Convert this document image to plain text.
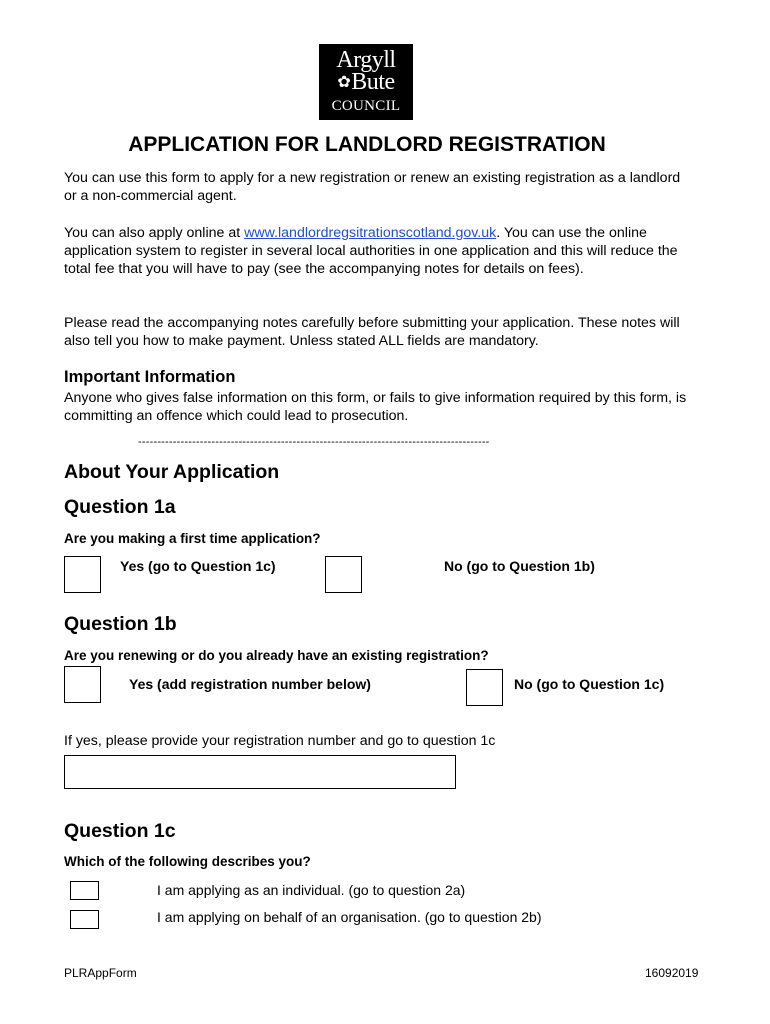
Argyll
✿Bute
COUNCIL
APPLICATION FOR LANDLORD REGISTRATION
You can use this form to apply for a new registration or renew an existing registration as a landlord or a non-commercial agent.
You can also apply online at www.landlordregsitrationscotland.gov.uk. You can use the online application system to register in several local authorities in one application and this will reduce the total fee that you will have to pay (see the accompanying notes for details on fees).
Please read the accompanying notes carefully before submitting your application. These notes will also tell you how to make payment. Unless stated ALL fields are mandatory.
Important Information
Anyone who gives false information on this form, or fails to give information required by this form, is committing an offence which could lead to prosecution.
-------------------------------------------------------------------------------------------
About Your Application
Question 1a
Are you making a first time application?
Yes (go to Question 1c)	No (go to Question 1b)
Question 1b
Are you renewing or do you already have an existing registration?
Yes (add registration number below)	No (go to Question 1c)
If yes, please provide your registration number and go to question 1c
Question 1c
Which of the following describes you?
I am applying as an individual. (go to question 2a)
I am applying on behalf of an organisation. (go to question 2b)
PLRAppForm	16092019
